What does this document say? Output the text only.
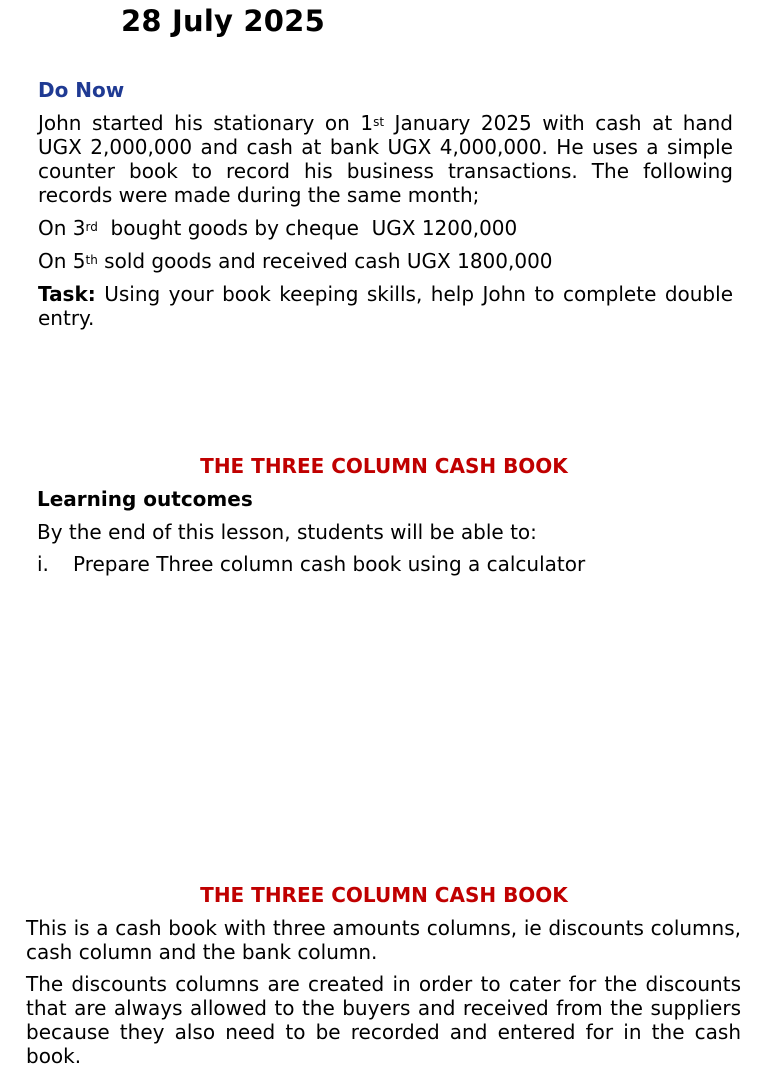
28 July 2025
Do Now
John started his stationary on 1st January 2025 with cash at hand UGX 2,000,000 and cash at bank UGX 4,000,000. He uses a simple counter book to record his business transactions. The following records were made during the same month;
On 3rd  bought goods by cheque  UGX 1200,000
On 5th sold goods and received cash UGX 1800,000
Task: Using your book keeping skills, help John to complete double entry.
THE THREE COLUMN CASH BOOK
Learning outcomes
By the end of this lesson, students will be able to:
i. Prepare Three column cash book using a calculator
THE THREE COLUMN CASH BOOK
This is a cash book with three amounts columns, ie discounts columns, cash column and the bank column.
The discounts columns are created in order to cater for the discounts that are always allowed to the buyers and received from the suppliers because they also need to be recorded and entered for in the cash book.
